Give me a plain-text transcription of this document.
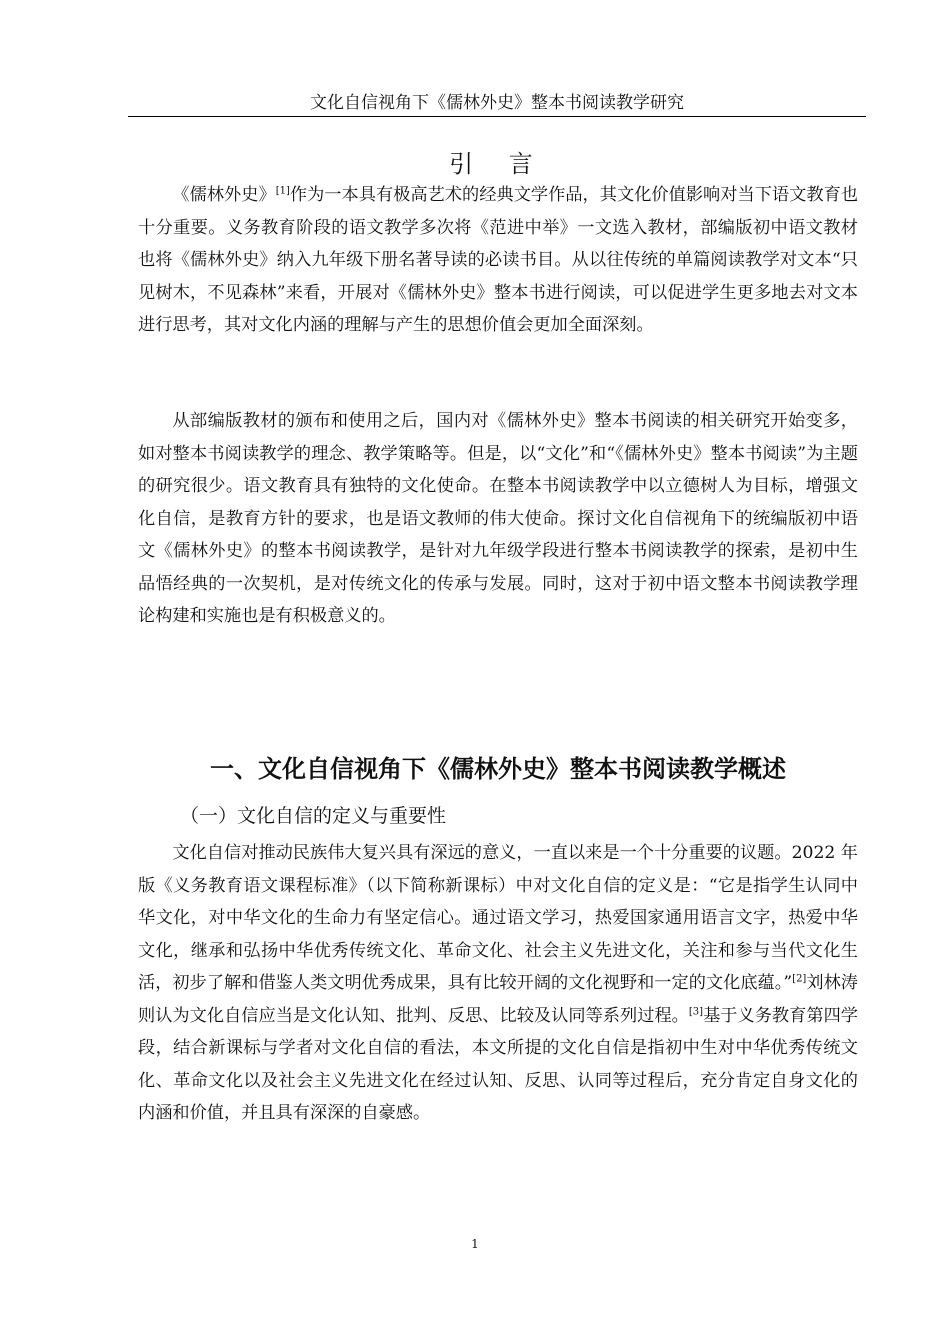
文化自信视角下《儒林外史》整本书阅读教学研究
引 言

《儒林外史》[1]作为一本具有极高艺术的经典文学作品，其文化价值影响对当下语文教育也十分重要。义务教育阶段的语文教学多次将《范进中举》一文选入教材，部编版初中语文教材也将《儒林外史》纳入九年级下册名著导读的必读书目。从以往传统的单篇阅读教学对文本“只见树木，不见森林”来看，开展对《儒林外史》整本书进行阅读，可以促进学生更多地去对文本进行思考，其对文化内涵的理解与产生的思想价值会更加全面深刻。

从部编版教材的颁布和使用之后，国内对《儒林外史》整本书阅读的相关研究开始变多，如对整本书阅读教学的理念、教学策略等。但是，以“文化”和“《儒林外史》整本书阅读”为主题的研究很少。语文教育具有独特的文化使命。在整本书阅读教学中以立德树人为目标，增强文化自信，是教育方针的要求，也是语文教师的伟大使命。探讨文化自信视角下的统编版初中语文《儒林外史》的整本书阅读教学，是针对九年级学段进行整本书阅读教学的探索，是初中生品悟经典的一次契机，是对传统文化的传承与发展。同时，这对于初中语文整本书阅读教学理论构建和实施也是有积极意义的。

一、文化自信视角下《儒林外史》整本书阅读教学概述
（一）文化自信的定义与重要性

文化自信对推动民族伟大复兴具有深远的意义，一直以来是一个十分重要的议题。2022 年版《义务教育语文课程标准》（以下简称新课标）中对文化自信的定义是：“它是指学生认同中华文化，对中华文化的生命力有坚定信心。通过语文学习，热爱国家通用语言文字，热爱中华文化，继承和弘扬中华优秀传统文化、革命文化、社会主义先进文化，关注和参与当代文化生活，初步了解和借鉴人类文明优秀成果，具有比较开阔的文化视野和一定的文化底蕴。”[2]刘林涛则认为文化自信应当是文化认知、批判、反思、比较及认同等系列过程。[3]基于义务教育第四学段，结合新课标与学者对文化自信的看法，本文所提的文化自信是指初中生对中华优秀传统文化、革命文化以及社会主义先进文化在经过认知、反思、认同等过程后，充分肯定自身文化的内涵和价值，并且具有深深的自豪感。

1
